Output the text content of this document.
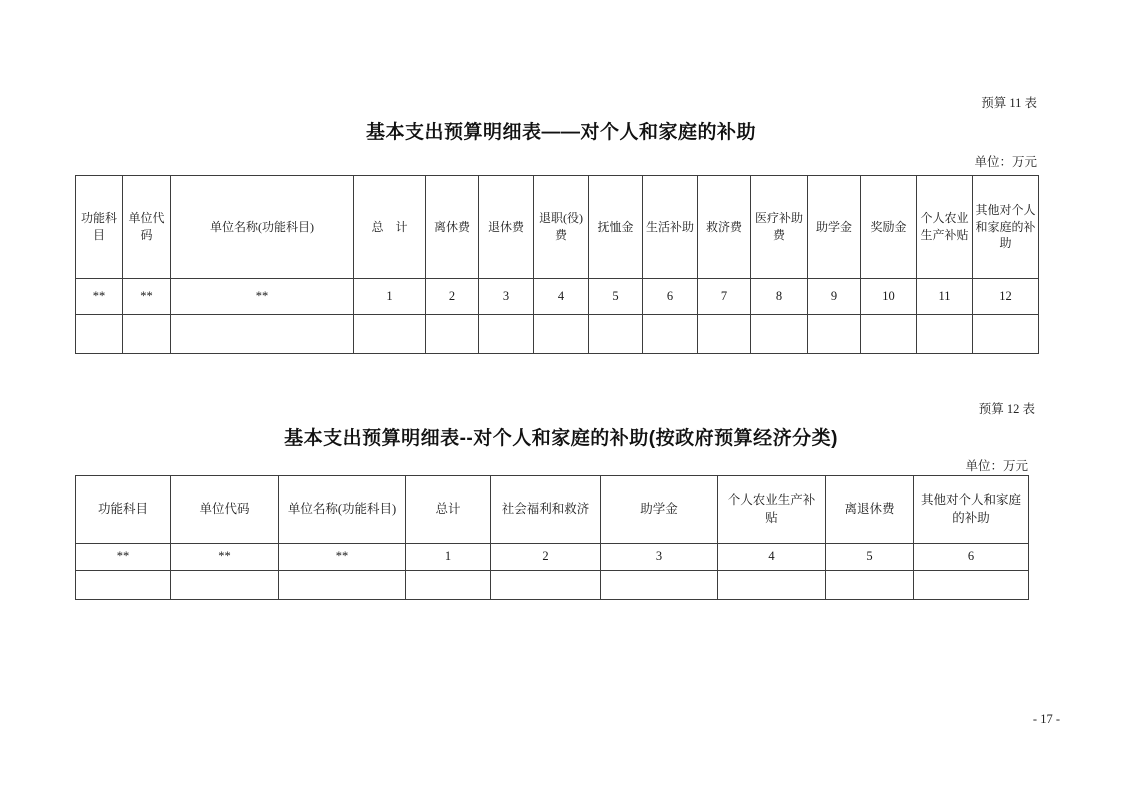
预算 11 表
基本支出预算明细表——对个人和家庭的补助
单位：万元
功能科目	单位代码	单位名称(功能科目)	总　计	离休费	退休费	退职(役)费	抚恤金	生活补助	救济费	医疗补助费	助学金	奖励金	个人农业生产补贴	其他对个人和家庭的补助
**	**	**	1	2	3	4	5	6	7	8	9	10	11	12

预算 12 表
基本支出预算明细表--对个人和家庭的补助(按政府预算经济分类)
单位：万元
功能科目	单位代码	单位名称(功能科目)	总计	社会福利和救济	助学金	个人农业生产补贴	离退休费	其他对个人和家庭的补助
**	**	**	1	2	3	4	5	6

- 17 -
